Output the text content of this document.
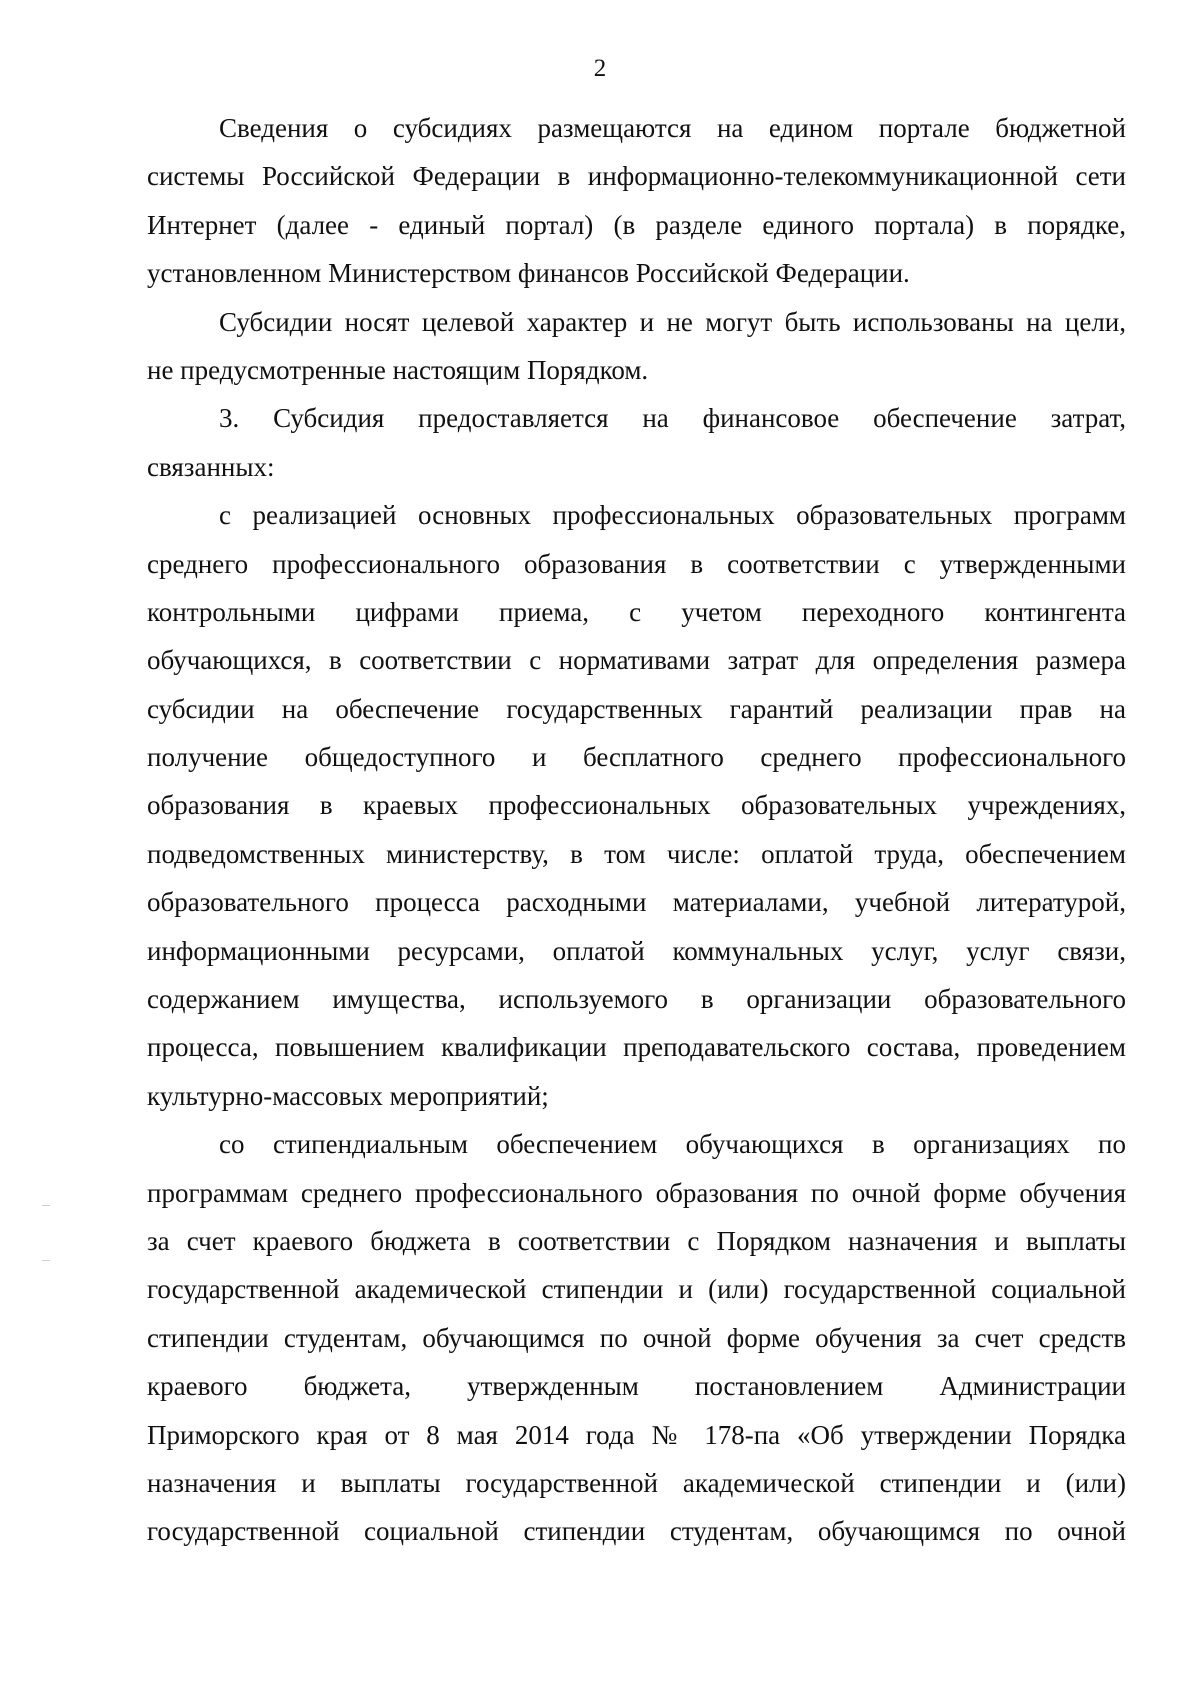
2
Сведения о субсидиях размещаются на едином портале бюджетной
системы Российской Федерации в информационно-телекоммуникационной сети
Интернет (далее - единый портал) (в разделе единого портала) в порядке,
установленном Министерством финансов Российской Федерации.
Субсидии носят целевой характер и не могут быть использованы на цели,
не предусмотренные настоящим Порядком.
3. Субсидия предоставляется на финансовое обеспечение затрат,
связанных:
с реализацией основных профессиональных образовательных программ
среднего профессионального образования в соответствии с утвержденными
контрольными цифрами приема, с учетом переходного контингента
обучающихся, в соответствии с нормативами затрат для определения размера
субсидии на обеспечение государственных гарантий реализации прав на
получение общедоступного и бесплатного среднего профессионального
образования в краевых профессиональных образовательных учреждениях,
подведомственных министерству, в том числе: оплатой труда, обеспечением
образовательного процесса расходными материалами, учебной литературой,
информационными ресурсами, оплатой коммунальных услуг, услуг связи,
содержанием имущества, используемого в организации образовательного
процесса, повышением квалификации преподавательского состава, проведением
культурно-массовых мероприятий;
со стипендиальным обеспечением обучающихся в организациях по
программам среднего профессионального образования по очной форме обучения
за счет краевого бюджета в соответствии с Порядком назначения и выплаты
государственной академической стипендии и (или) государственной социальной
стипендии студентам, обучающимся по очной форме обучения за счет средств
краевого бюджета, утвержденным постановлением Администрации
Приморского края от 8 мая 2014 года № 178-па «Об утверждении Порядка
назначения и выплаты государственной академической стипендии и (или)
государственной социальной стипендии студентам, обучающимся по очной
